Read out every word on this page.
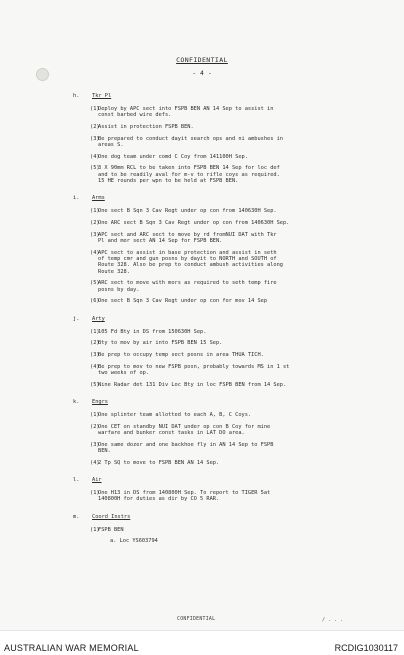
CONFIDENTIAL
- 4 -
h. Tkr Pl
(1)
Deploy by APC sect into FSPB BEN AN 14 Sep to assist in
const barbed wire defs.
(2)
Assist in protection FSPB BEN.
(3)
Be prepared to conduct dayit search ops and ni ambushes in
areas S.
(4)
One dog team under comd C Coy from 141100H Sep.
(5)
3 X 90mm RCL to be taken into FSPB BEN 14 Sep for loc def
and to be readily aval for m-v to rifle coys as required.
15 HE rounds per wpn to be held at FSPB BEN.
i. Arms
(1)
One sect B Sqn 3 Cav Regt under op con from 140630H Sep.
(2)
One ARC sect B Sqn 3 Cav Regt under op con from 140630H Sep.
(3)
APC sect and ARC sect to move by rd fromNUI DAT with Tkr
Pl and mor sect AN 14 Sep for FSPB BEN.
(4)
APC sect to assist in base protection and assist in seth
of temp cmr and gun posns by dayit to NORTH and SOUTH of
Route 328. Also be prep to conduct ambush activities along
Route 328.
(5)
ARC sect to move with mors as required to seth temp fire
posns by day.
(6)
One sect B Sqn 3 Cav Regt under op con for mov 14 Sep
j. Arty
(1)
105 Fd Bty in DS from 150630H Sep.
(2)
Bty to mov by air into FSPB BEN 15 Sep.
(3)
Be prep to occupy temp sect posns in area THUA TICH.
(4)
Be prep to mov to new FSPB posn, probably towards MS in 1 st
two weeks of op.
(5)
Nine Radar det 131 Div Loc Bty in loc FSPB BEN from 14 Sep.
k. Engrs
(1)
One splinter team allotted to each A, B, C Coys.
(2)
One CET on standby NUI DAT under op con B Coy for mine
warfare and bunker const tasks in LAT DO area.
(3)
One same dozer and one backhoe fly in AN 14 Sep to FSPB
BEN.
(4)
2 Tp SQ to move to FSPB BEN AN 14 Sep.
l. Air
(1)
One H13 in DS from 140800H Sep. To report to TIGER 5at
140800H for duties as dir by CO 5 RAR.
m. Coord Instrs
(1)
FSPB BEN
a. Loc YS603794
CONFIDENTIAL	/ . . .
AUSTRALIAN WAR MEMORIAL	RCDIG1030117
